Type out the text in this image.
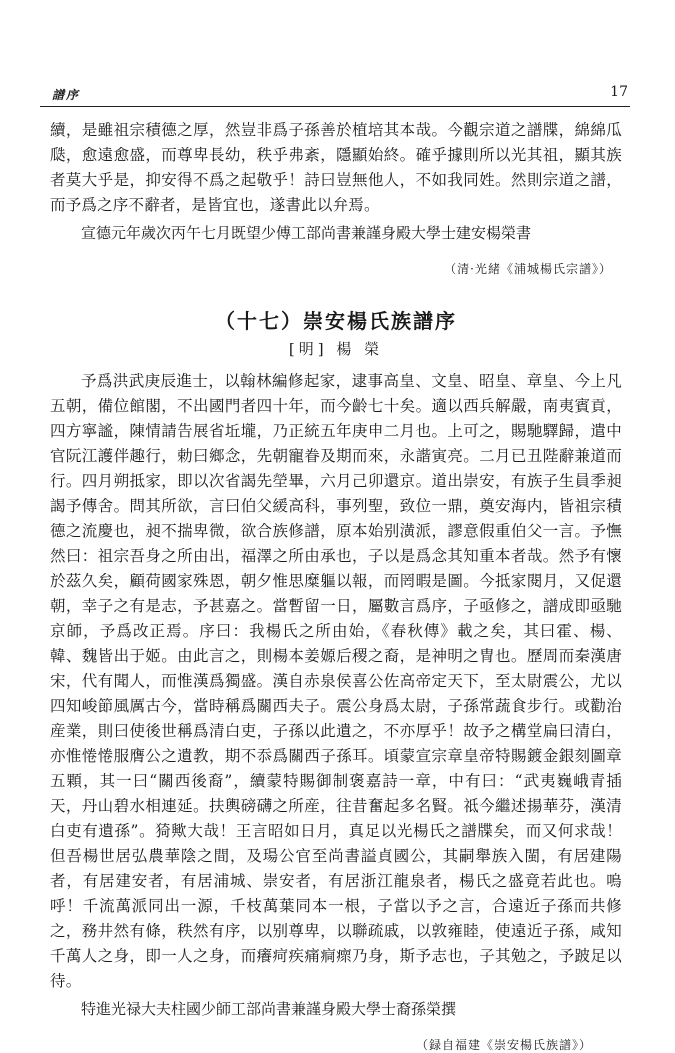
譜序	17

續，是雖祖宗積德之厚，然豈非爲子孫善於植培其本哉。今觀宗道之譜牒，綿綿瓜瓞，愈遠愈盛，而尊卑長幼，秩乎弗紊，隱顯始終。確乎據則所以光其祖，顯其族者莫大乎是，抑安得不爲之起敬乎！詩曰豈無他人，不如我同姓。然則宗道之譜，而予爲之序不辭者，是皆宜也，遂書此以弁焉。

宣德元年歲次丙午七月既望少傅工部尚書兼謹身殿大學士建安楊榮書

（清·光緒《浦城楊氏宗譜》）

（十七）崇安楊氏族譜序
[明] 楊 榮

予爲洪武庚辰進士，以翰林編修起家，逮事高皇、文皇、昭皇、章皇、今上凡五朝，備位館閣，不出國門者四十年，而今齡七十矣。適以西兵解嚴，南夷賓貢，四方寧謐，陳情請告展省坵壠，乃正統五年庚申二月也。上可之，賜馳驛歸，遣中官阮江護伴趣行，勅曰鄉念，先朝寵眷及期而來，永諧寅亮。二月已丑陛辭兼道而行。四月朔抵家，即以次省謁先塋畢，六月己卯還京。道出崇安，有族子生員季昶謁予傳舍。問其所欲，言曰伯父緩高科，事列聖，致位一鼎，奠安海内，皆祖宗積德之流慶也，昶不揣卑微，欲合族修譜，原本始别潢派，謬意假重伯父一言。予憮然曰：祖宗吾身之所由出，福澤之所由承也，子以是爲念其知重本者哉。然予有懷於茲久矣，顧荷國家殊恩，朝夕惟思糜軀以報，而罔暇是圖。今抵家閱月，又促還朝，幸子之有是志，予甚嘉之。當暫留一日，屬數言爲序，子亟修之，譜成即亟馳京師，予爲改正焉。序曰：我楊氏之所由始，《春秋傳》載之矣，其曰霍、楊、韓、魏皆出于姬。由此言之，則楊本姜嫄后稷之裔，是神明之冑也。歷周而秦漢唐宋，代有聞人，而惟漢爲獨盛。漢自赤泉侯喜公佐高帝定天下，至太尉震公，尤以四知峻節風厲古今，當時稱爲關西夫子。震公身爲太尉，子孫常蔬食步行。或勸治産業，則曰使後世稱爲清白吏，子孫以此遺之，不亦厚乎！故予之構堂扁曰清白，亦惟惓惓服膺公之遺教，期不忝爲關西子孫耳。頃蒙宣宗章皇帝特賜鍍金銀刻圖章五顆，其一曰“關西後裔”，續蒙特賜御制褒嘉詩一章，中有曰：“武夷巍峨青插天，丹山碧水相連延。扶輿磅礴之所産，往昔奮起多名賢。祗今繼述揚華芬，漢清白吏有遺孫”。猗歟大哉！王言昭如日月，真足以光楊氏之譜牒矣，而又何求哉！但吾楊世居弘農華陰之間，及瑒公官至尚書謚貞國公，其嗣舉族入閩，有居建陽者，有居建安者，有居浦城、崇安者，有居浙江龍泉者，楊氏之盛竟若此也。嗚呼！千流萬派同出一源，千枝萬葉同本一根，子當以予之言，合遠近子孫而共修之，務井然有條，秩然有序，以别尊卑，以聯疏戚，以敦雍睦，使遠近子孫，咸知千萬人之身，即一人之身，而癢疴疾痛痌瘝乃身，斯予志也，子其勉之，予跛足以待。

特進光禄大夫柱國少師工部尚書兼謹身殿大學士裔孫榮撰

（録自福建《崇安楊氏族譜》）
